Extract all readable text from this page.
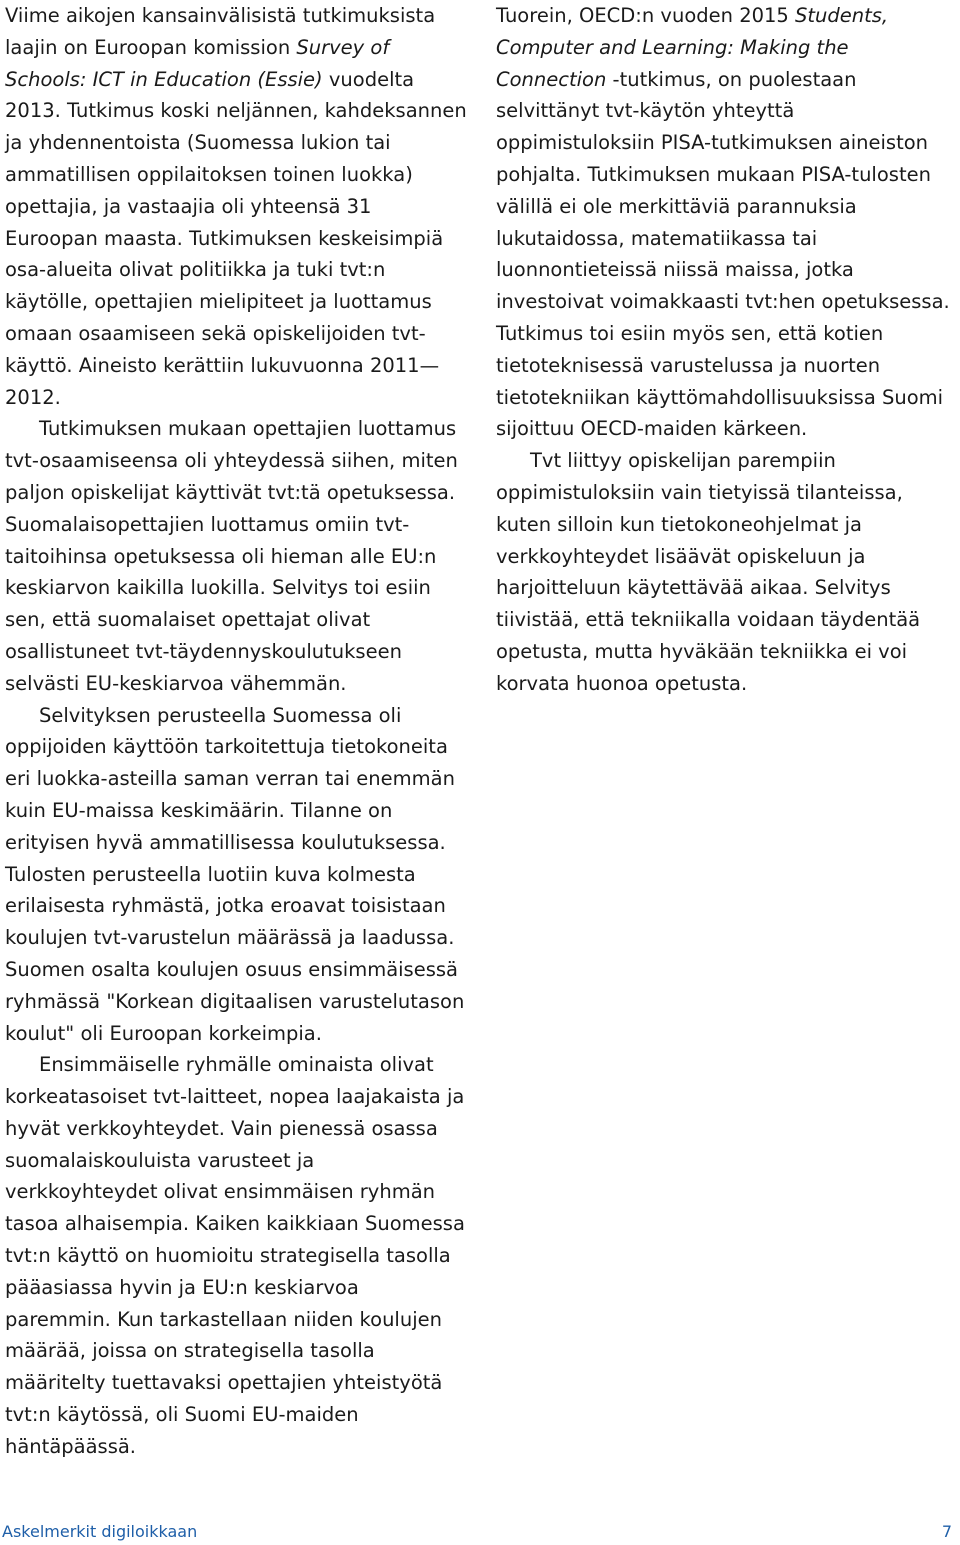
Viime aikojen kansainvälisistä tutkimuksista laajin on Euroopan komission Survey of Schools: ICT in Education (Essie) vuodelta 2013. Tutkimus koski neljännen, kahdeksannen ja yhdennentoista (Suomessa lukion tai ammatillisen oppilaitoksen toinen luokka) opettajia, ja vastaajia oli yhteensä 31 Euroopan maasta. Tutkimuksen keskeisimpiä osa-alueita olivat politiikka ja tuki tvt:n käytölle, opettajien mielipiteet ja luottamus omaan osaamiseen sekä opiskelijoiden tvt-käyttö. Aineisto kerättiin lukuvuonna 2011—2012.

Tutkimuksen mukaan opettajien luottamus tvt-osaamiseensa oli yhteydessä siihen, miten paljon opiskelijat käyttivät tvt:tä opetuksessa. Suomalaisopettajien luottamus omiin tvt-taitoihinsa opetuksessa oli hieman alle EU:n keskiarvon kaikilla luokilla. Selvitys toi esiin sen, että suomalaiset opettajat olivat osallistuneet tvt-täydennyskoulutukseen selvästi EU-keskiarvoa vähemmän.

Selvityksen perusteella Suomessa oli oppijoiden käyttöön tarkoitettuja tietokoneita eri luokka-asteilla saman verran tai enemmän kuin EU-maissa keskimäärin. Tilanne on erityisen hyvä ammatillisessa koulutuksessa. Tulosten perusteella luotiin kuva kolmesta erilaisesta ryhmästä, jotka eroavat toisistaan koulujen tvt-varustelun määrässä ja laadussa. Suomen osalta koulujen osuus ensimmäisessä ryhmässä "Korkean digitaalisen varustelutason koulut" oli Euroopan korkeimpia.

Ensimmäiselle ryhmälle ominaista olivat korkeatasoiset tvt-laitteet, nopea laajakaista ja hyvät verkkoyhteydet. Vain pienessä osassa suomalaiskouluista varusteet ja verkkoyhteydet olivat ensimmäisen ryhmän tasoa alhaisempia. Kaiken kaikkiaan Suomessa tvt:n käyttö on huomioitu strategisella tasolla pääasiassa hyvin ja EU:n keskiarvoa paremmin. Kun tarkastellaan niiden koulujen määrää, joissa on strategisella tasolla määritelty tuettavaksi opettajien yhteistyötä tvt:n käytössä, oli Suomi EU-maiden häntäpäässä.

Tuorein, OECD:n vuoden 2015 Students, Computer and Learning: Making the Connection -tutkimus, on puolestaan selvittänyt tvt-käytön yhteyttä oppimistuloksiin PISA-tutkimuksen aineiston pohjalta. Tutkimuksen mukaan PISA-tulosten välillä ei ole merkittäviä parannuksia lukutaidossa, matematiikassa tai luonnontieteissä niissä maissa, jotka investoivat voimakkaasti tvt:hen opetuksessa. Tutkimus toi esiin myös sen, että kotien tietoteknisessä varustelussa ja nuorten tietotekniikan käyttömahdollisuuksissa Suomi sijoittuu OECD-maiden kärkeen.

Tvt liittyy opiskelijan parempiin oppimistuloksiin vain tietyissä tilanteissa, kuten silloin kun tietokoneohjelmat ja verkkoyhteydet lisäävät opiskeluun ja harjoitteluun käytettävää aikaa. Selvitys tiivistää, että tekniikalla voidaan täydentää opetusta, mutta hyväkään tekniikka ei voi korvata huonoa opetusta.

Askelmerkit digiloikkaan	7
